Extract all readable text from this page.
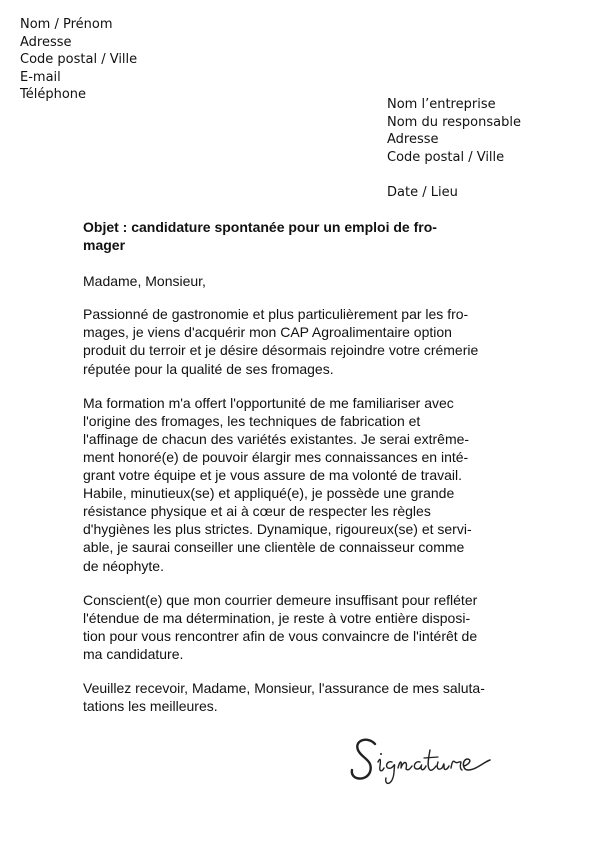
Nom / Prénom
Adresse
Code postal / Ville
E-mail
Téléphone
Nom l’entreprise
Nom du responsable
Adresse
Code postal / Ville
Date / Lieu
Objet : candidature spontanée pour un emploi de fro-
mager
Madame, Monsieur,
Passionné de gastronomie et plus particulièrement par les fro-
mages, je viens d'acquérir mon CAP Agroalimentaire option
produit du terroir et je désire désormais rejoindre votre crémerie
réputée pour la qualité de ses fromages.
Ma formation m'a offert l'opportunité de me familiariser avec
l'origine des fromages, les techniques de fabrication et
l'affinage de chacun des variétés existantes. Je serai extrême-
ment honoré(e) de pouvoir élargir mes connaissances en inté-
grant votre équipe et je vous assure de ma volonté de travail.
Habile, minutieux(se) et appliqué(e), je possède une grande
résistance physique et ai à cœur de respecter les règles
d'hygiènes les plus strictes. Dynamique, rigoureux(se) et servi-
able, je saurai conseiller une clientèle de connaisseur comme
de néophyte.
Conscient(e) que mon courrier demeure insuffisant pour refléter
l'étendue de ma détermination, je reste à votre entière disposi-
tion pour vous rencontrer afin de vous convaincre de l'intérêt de
ma candidature.
Veuillez recevoir, Madame, Monsieur, l'assurance de mes saluta-
tations les meilleures.
